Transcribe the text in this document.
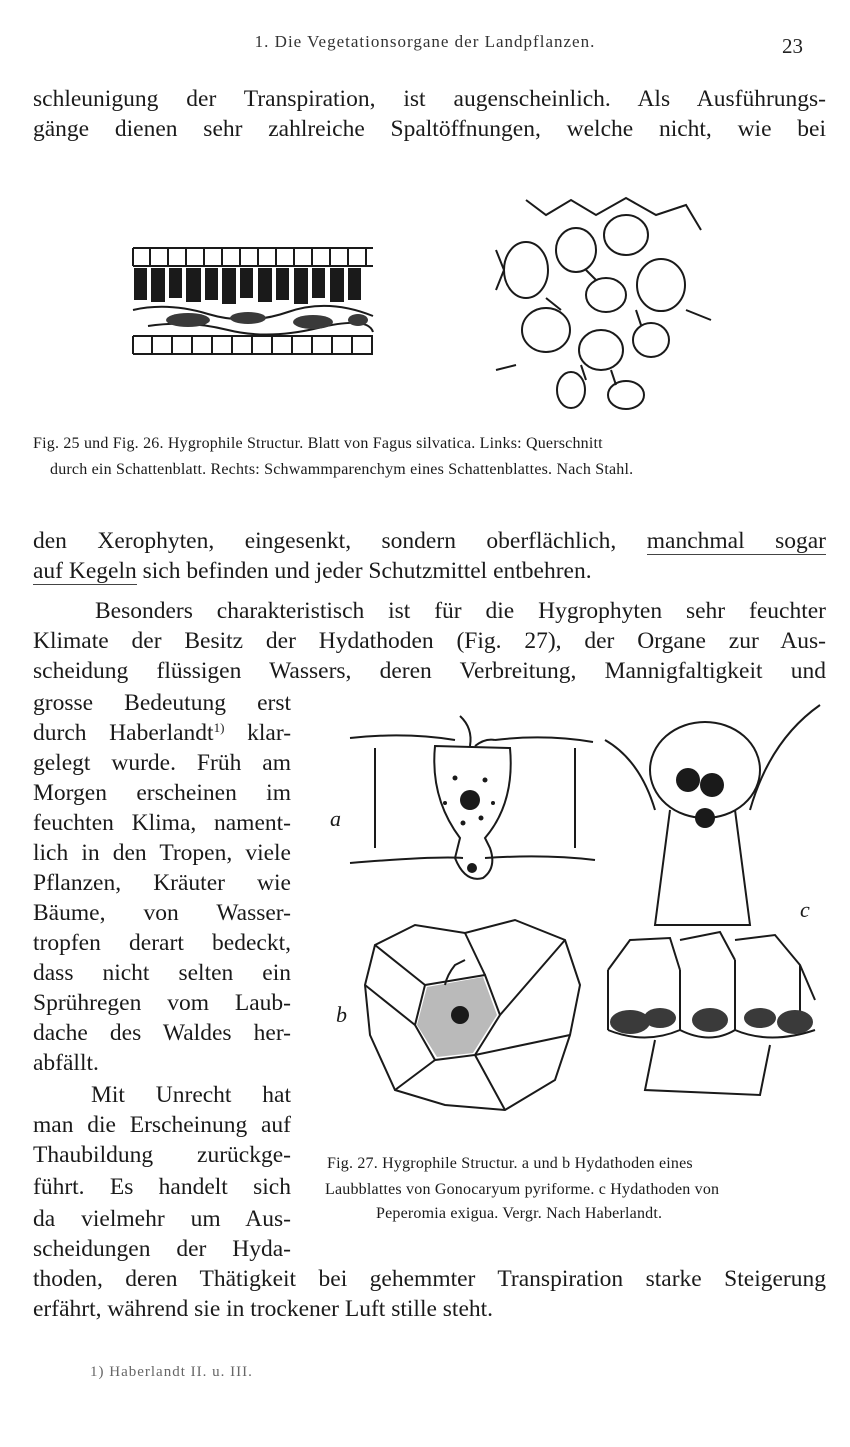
1. Die Vegetationsorgane der Landpflanzen.	23
schleunigung der Transpiration, ist augenscheinlich. Als Ausführungs-
gänge dienen sehr zahlreiche Spaltöffnungen, welche nicht, wie bei
Fig. 25 und Fig. 26. Hygrophile Structur. Blatt von Fagus silvatica. Links: Querschnitt
durch ein Schattenblatt. Rechts: Schwammparenchym eines Schattenblattes. Nach Stahl.
den Xerophyten, eingesenkt, sondern oberflächlich, manchmal sogar
auf Kegeln sich befinden und jeder Schutzmittel entbehren.
Besonders charakteristisch ist für die Hygrophyten sehr feuchter
Klimate der Besitz der Hydathoden (Fig. 27), der Organe zur Aus-
scheidung flüssigen Wassers, deren Verbreitung, Mannigfaltigkeit und
grosse Bedeutung erst
durch Haberlandt$^{1)}$ klar-
gelegt wurde. Früh am
Morgen erscheinen im
feuchten Klima, nament-
lich in den Tropen, viele
Pflanzen, Kräuter wie
Bäume, von Wasser-
tropfen derart bedeckt,
dass nicht selten ein
Sprühregen vom Laub-
dache des Waldes her-
abfällt.
Mit Unrecht hat
man die Erscheinung auf
Thaubildung zurückge-
führt. Es handelt sich
da vielmehr um Aus-
scheidungen der Hyda-
thoden, deren Thätigkeit bei gehemmter Transpiration starke Steigerung
erfährt, während sie in trockener Luft stille steht.
a
b
c
Fig. 27. Hygrophile Structur. a und b Hydathoden eines
Laubblattes von Gonocaryum pyriforme. c Hydathoden von
Peperomia exigua. Vergr. Nach Haberlandt.
1) Haberlandt II. u. III.
